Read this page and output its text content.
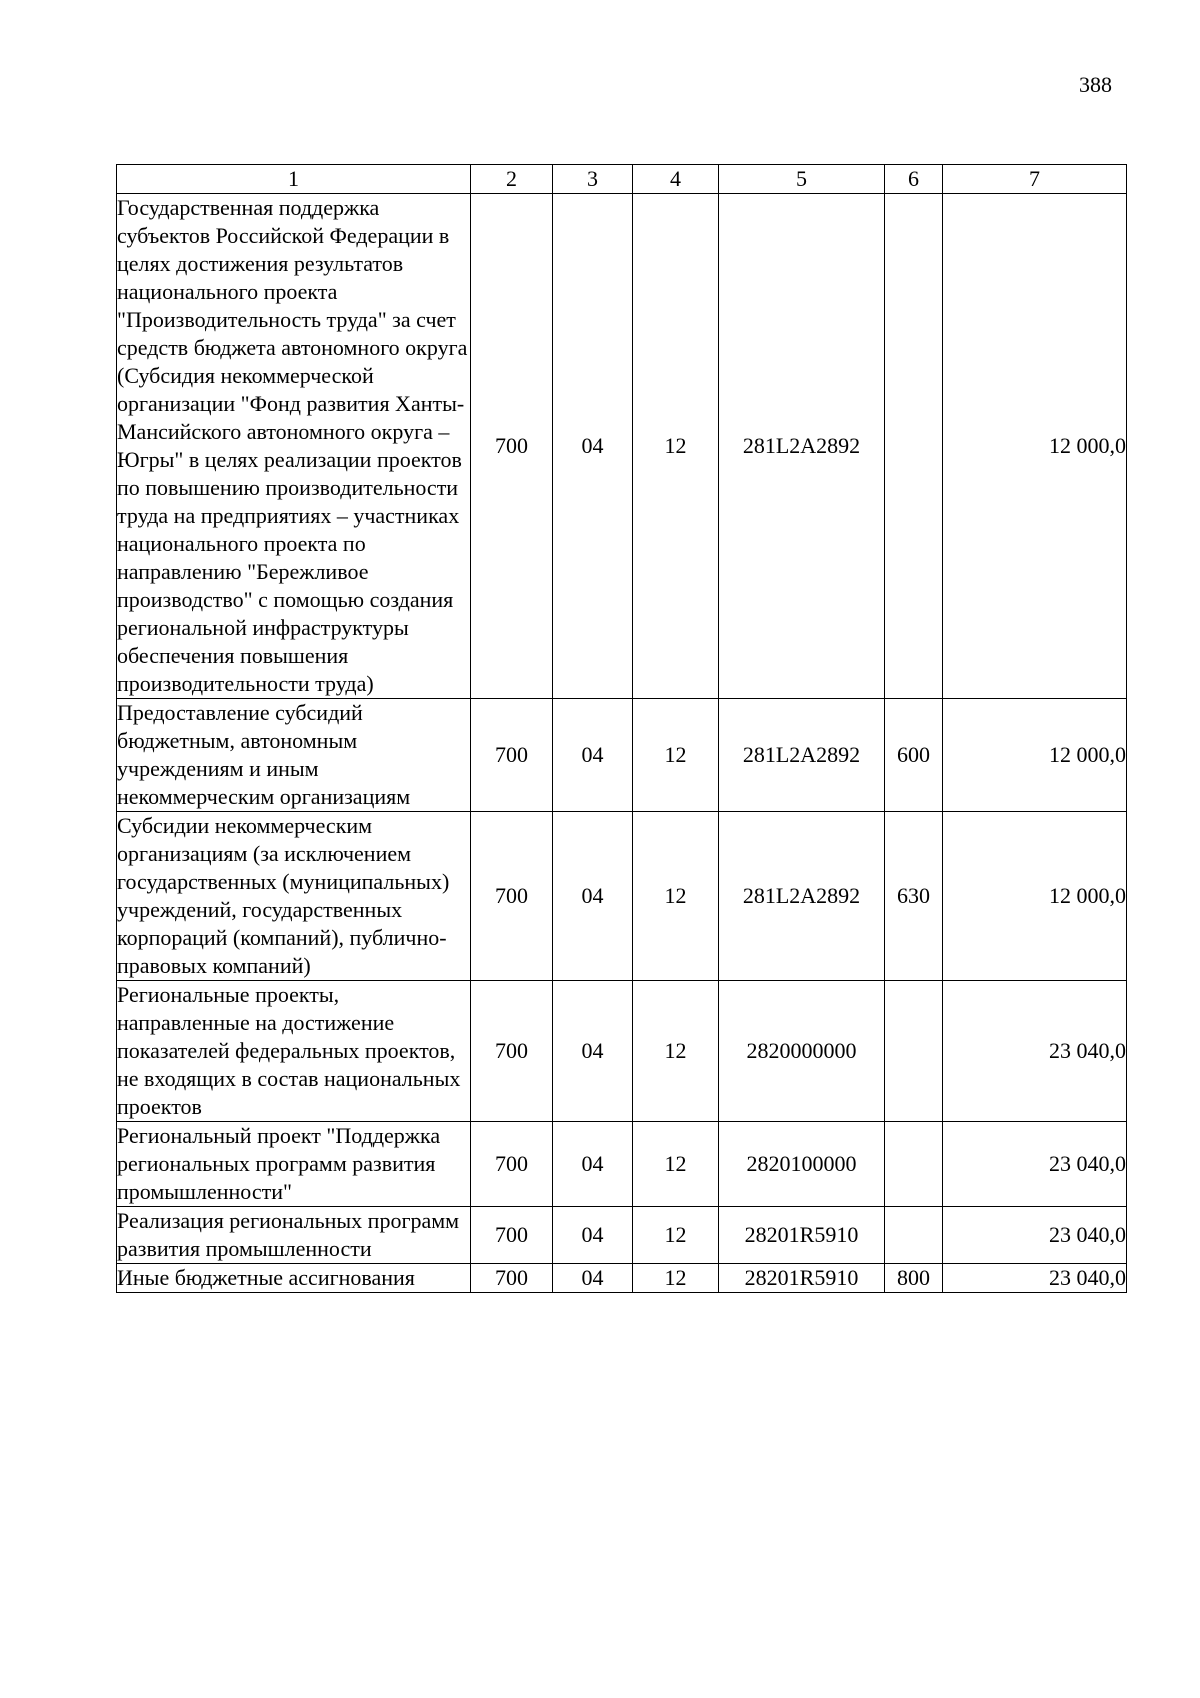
388
1	2	3	4	5	6	7
Государственная поддержка субъектов Российской Федерации в целях достижения результатов национального проекта "Производительность труда" за счет средств бюджета автономного округа (Субсидия некоммерческой организации "Фонд развития Ханты-Мансийского автономного округа – Югры" в целях реализации проектов по повышению производительности труда на предприятиях – участниках национального проекта по направлению "Бережливое производство" с помощью создания региональной инфраструктуры обеспечения повышения производительности труда)	700	04	12	281L2A2892		12 000,0
Предоставление субсидий бюджетным, автономным учреждениям и иным некоммерческим организациям	700	04	12	281L2A2892	600	12 000,0
Субсидии некоммерческим организациям (за исключением государственных (муниципальных) учреждений, государственных корпораций (компаний), публично-правовых компаний)	700	04	12	281L2A2892	630	12 000,0
Региональные проекты, направленные на достижение показателей федеральных проектов, не входящих в состав национальных проектов	700	04	12	2820000000		23 040,0
Региональный проект "Поддержка региональных программ развития промышленности"	700	04	12	2820100000		23 040,0
Реализация региональных программ развития промышленности	700	04	12	28201R5910		23 040,0
Иные бюджетные ассигнования	700	04	12	28201R5910	800	23 040,0
